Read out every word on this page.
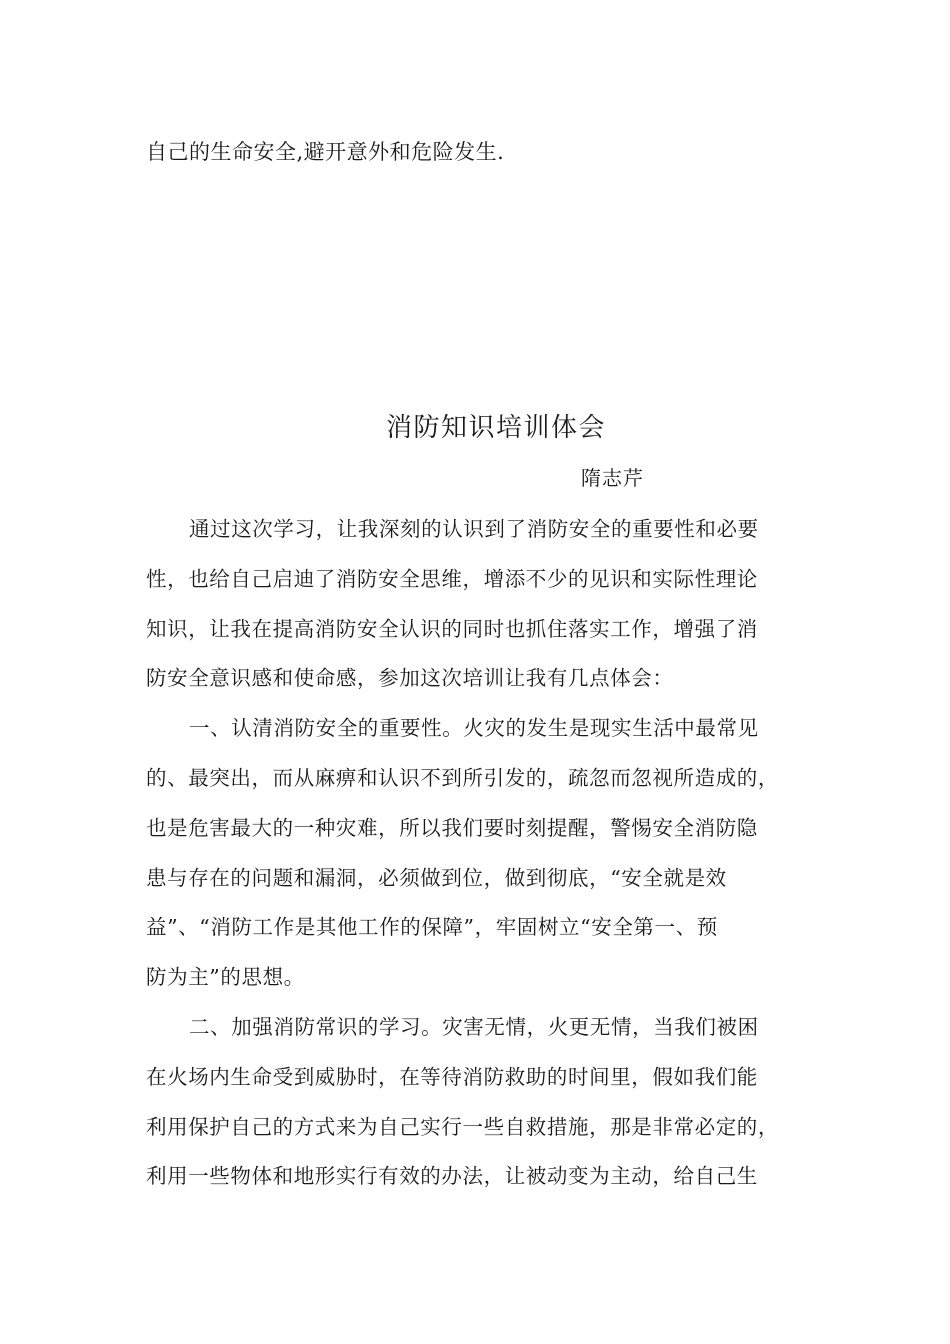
自己的生命安全,避开意外和危险发生.
消防知识培训体会
隋志芹
通过这次学习，让我深刻的认识到了消防安全的重要性和必要
性，也给自己启迪了消防安全思维，增添不少的见识和实际性理论
知识，让我在提高消防安全认识的同时也抓住落实工作，增强了消
防安全意识感和使命感，参加这次培训让我有几点体会：
一、认清消防安全的重要性。火灾的发生是现实生活中最常见
的、最突出，而从麻痹和认识不到所引发的，疏忽而忽视所造成的，
也是危害最大的一种灾难，所以我们要时刻提醒，警惕安全消防隐
患与存在的问题和漏洞，必须做到位，做到彻底，“安全就是效
益”、“消防工作是其他工作的保障”，牢固树立“安全第一、预
防为主”的思想。
二、加强消防常识的学习。灾害无情，火更无情，当我们被困
在火场内生命受到威胁时，在等待消防救助的时间里，假如我们能
利用保护自己的方式来为自己实行一些自救措施，那是非常必定的，
利用一些物体和地形实行有效的办法，让被动变为主动，给自己生
